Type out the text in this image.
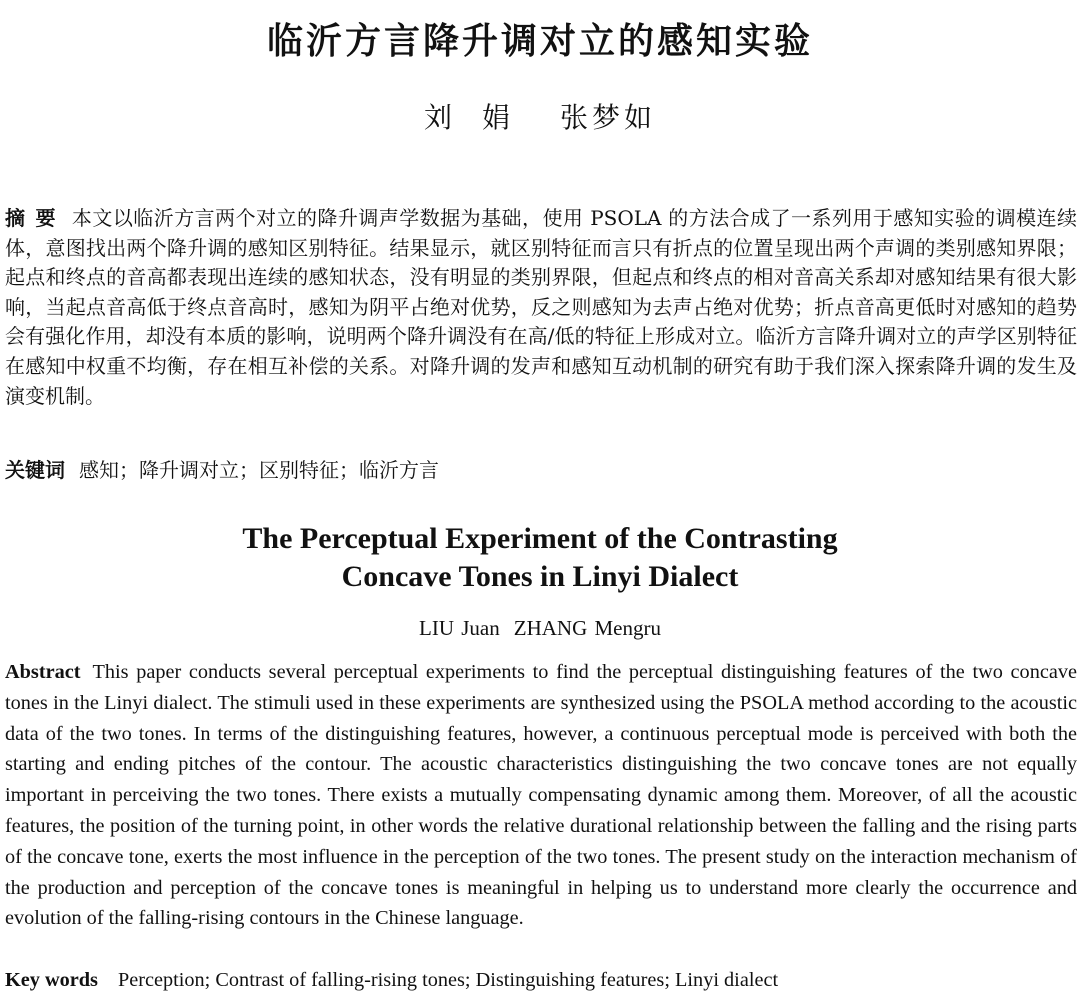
临沂方言降升调对立的感知实验
刘娟 张梦如

摘要 本文以临沂方言两个对立的降升调声学数据为基础，使用 PSOLA 的方法合成了一系列用于感知实验的调模连续体，意图找出两个降升调的感知区别特征。结果显示，就区别特征而言只有折点的位置呈现出两个声调的类别感知界限；起点和终点的音高都表现出连续的感知状态，没有明显的类别界限，但起点和终点的相对音高关系却对感知结果有很大影响，当起点音高低于终点音高时，感知为阴平占绝对优势，反之则感知为去声占绝对优势；折点音高更低时对感知的趋势会有强化作用，却没有本质的影响，说明两个降升调没有在高/低的特征上形成对立。临沂方言降升调对立的声学区别特征在感知中权重不均衡，存在相互补偿的关系。对降升调的发声和感知互动机制的研究有助于我们深入探索降升调的发生及演变机制。

关键词 感知；降升调对立；区别特征；临沂方言

The Perceptual Experiment of the Contrasting
Concave Tones in Linyi Dialect
LIU Juan ZHANG Mengru

Abstract This paper conducts several perceptual experiments to find the perceptual distinguishing features of the two concave tones in the Linyi dialect. The stimuli used in these experiments are synthesized using the PSOLA method according to the acoustic data of the two tones. In terms of the distinguishing features, however, a continuous perceptual mode is perceived with both the starting and ending pitches of the contour. The acoustic characteristics distinguishing the two concave tones are not equally important in perceiving the two tones. There exists a mutually compensating dynamic among them. Moreover, of all the acoustic features, the position of the turning point, in other words the relative durational relationship between the falling and the rising parts of the concave tone, exerts the most influence in the perception of the two tones. The present study on the interaction mechanism of the production and perception of the concave tones is meaningful in helping us to understand more clearly the occurrence and evolution of the falling-rising contours in the Chinese language.

Key words Perception; Contrast of falling-rising tones; Distinguishing features; Linyi dialect
